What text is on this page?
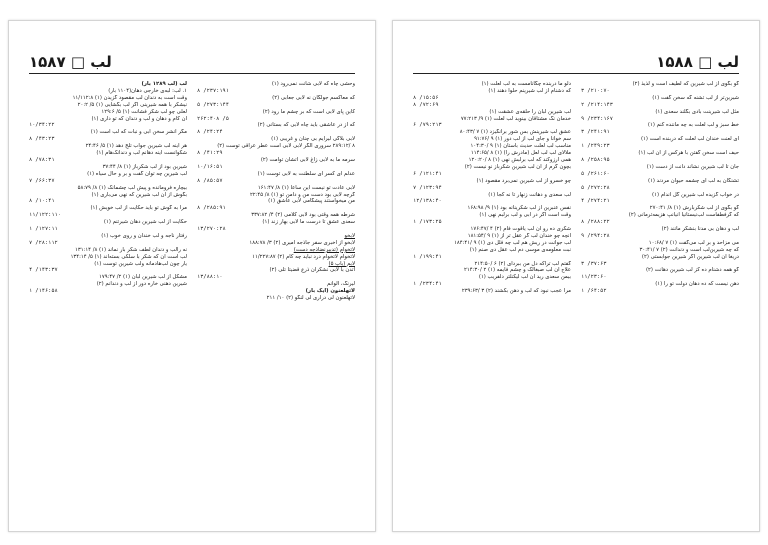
۱۵۸۷ □ لب
وحشی چاه که لابی شأنت نمی‌رود (۱)
۸ /۲۳۷:۱۹۱
که معاکسم جولگان نه لابی جعابی (۲)
۵ /۲۷۳:۱۴۴
کاین پای لابی است که بر چشم ما رود (۲)
۲۶۲:۴۰۸ /۵
که از در عاشقی باید چاه لابی که بستانی (۲)
۸ /۲۴:۲۴
لابی بلاگی لیرایم بی چنان و غریبی (۱)
۸ /۲۸۹:۱۲ سروری الگر لابی لابی است عطر عراقی توست (۲)
۸ /۴۱:۲۹
سرمه ما به لابی زاغ لابی آتشان توامت (۲)
۱۰/۱۶:۵۱
عدلم ای کسر ای سلطنت به لابی توست (۱)
۸ /۸۵:۵۷
لابی عادت تو نیست این ساعا (۱) ۸/ ۱۶۱:۴۷
گرچه لابی بود دست من و دامن تو (۱) ۸/ ۲۲:۴۵
من میخواستند پیشگامی لابی عاشق (۱)
۸ /۲۸۵:۹۱
شرطه همه وقتی بود لابی کلامی (۲) ۴/ ۳۳۷:۸۲
سعدی عشق تا درست ما لابی بهار زند (۱)
۱۳/۲۷۰:۲۸
لابخو
لابخو از اخبری سفر جاذجه امیری (۲) ۳/ ۱۸۸:۷۸
لاتخوام (تدبیرنضاذجه دست)
لاتخوام لاتخوام درد نباید چه کام (۲) ۱۱/۲۲۷:۸۷
لابم (باب ۵)
آتدن با لابی نشکران ذرع قضیتا تلی (۲)
۱۳/۸۸:۱۰
لیرنگ، الوانم
لاتهلعنون (ایک بار)
لاتهلعنون لی دراری لی لنگو (۲) ۱۰/ ۲۱۱
لب (لب ۱۲۸۹ بار)
۱. لب: لبه‌ی خارجی دهان(۱۱۰۴ بار)
وقت است به دندان لب مقصود گزیدن (۱) ۱۱/۱۱۲:۸
نیشکر با همه شیرینی اگر لب بگشایی (۱) ۵/ ۲۰:۲
لعلی چو لب شکر فشانت (۱) ۵/ ۱۲۹:۶
آن کام و دهان و لب و دندان که تو داری (۱)
۱۰/۳۴:۲۲
مگر آنشر سخن آبی و نبات که لب است (۱)
۸ /۴۳:۲۳
هر آینه لب شیرین جواب تلخ دهد (۱) ۵/ ۲۴:۴۶
شکوانست آینه دهانم لب و دندانک‌هام (۱)
۸ /۷۸:۳۱
شیرین بود از لب شکرباز (۱) ۸/ ۳۷:۴۴
لب شیرین چه توان گفت و بر و حال سیاه (۱)
۷ /۶۶:۳۷
بیچاره فرومانده و پیش لب چشمانک (۱) ۸/ ۵۸:۷۹
بگوش از آن لب شیرین که نهی می‌باری (۱)
۸ /۱۰:۴۱
مرا به گوش تو باید حکایت از لب خویش (۱)
۱۱/۱۲۲:۱۱۰
حکایت از لب شیرین دهان شیرتنم (۱)
۱ /۱۲۷:۱۱
رفتار ناجه و لب خندان و روی خوب (۱)
۷ /۲۸:۱۱۲
نه رالب و دندان لطف شکر بار نماند (۱) ۸/ ۱۳۱:۱۴
لب است آن که شکر با سلکی بسته‌اند (۱) ۵/ ۱۳۴:۱۴
یار چون لب‌هاد‌مانه ولب شیرین توست (۱)
۴ /۱۴۳:۳۷
مشکل از لب شیرین لبان (۱) ۲/ ۱۷۹:۴۷
شیرین دهنی خاره دور از لب و دندانم (۲)
۱ /۱۴۶:۵۸
لب □ ۱۵۸۸
گو بگوی از لب شیرین که لطیف است و لذیذ (۲)
۳ /۲۱۰:۷۰
شیرین‌تر از لب تشنه گه سخن گفت (۱)
۲ /۲۱۴:۱۴۳
مثل لب شیرینت بادی بگلند سعدی (۱)
۹ /۲۳۴:۱۶۷
خط سبز و لب لعلت به چه ماننده کنم (۱)
۳ /۲۴۱:۹۱
ای لعنت خندان لب لعلت که دربنده است (۱)
۱ /۲۴۹:۲۳
حیف است سخن گفتن با هرکس از آن لب (۱)
۸ /۲۵۸:۹۵
جان تا لب شیرین نشاند دانت از دست (۱)
۵ /۲۶۱:۶۰
تشنگان به لب ای چشمه حیوان مردند (۱)
۵ /۲۷۲:۲۸
در خواب گزیده لب شیرین گل اندام (۱)
۴ /۲۷۴:۲۱
گو بگوی از لب شکربارش (۱) ۸/ ۲۷۰:۴۱
که گرفطفاست لب‌نیستانیا آنیانپ هزیمه‌ترمانی (۲)
۸ /۲۸۸:۲۲
لب و دهان بی مدنا بنشکر مانند (۲)
۹ /۲۹۴:۲۸
می مزاحد و بر لب می‌گفت (۱) ۷ /۱۰:۶۸
که چه شیرین‌لب است و دندانت (۲) ۷ /۳۰:۴۱
دریغا آن لب شیرین اگر شیرین جوابستی (۲)
۳ /۳۷:۶۳
گو همه دشنام ده کز لب شیرین دهانت (۲)
۱۱/۲۳:۶۰
دهن نیست که ده دهان دولت تو را (۱)
۱ /۶۴:۵۲
دلو ما دربنده چگانامست به لب لعلت (۱)
که دشنام از لب شیرینم حلوا دهند (۱)
۸ /۱۵:۵۶
۸ /۷۲:۶۹
لب شیرین لبان را حلقه‌ی عشقت (۱)
خدمان نگ مشتاقان بینوید لب لعلت (۱) ۹/ ۷۷:۲۱۳
۶ /۷۹:۲۱۳
عشق لب شیرینش بس شور برانگیزد (۱) ۷ /۸۰:۴۳
سم خوانا و جای لب از لب دور (۱) ۹ /۹۱:۷۶
مناسب لب لعلت حدیث باستان (۱) ۹ /۱۰۴:۳۰
ملالای لب لب لعل (مادرش را) (۱) ۸ /۱۱۴:۶۵
همی آرزوکند که لب برلبش نهی (۱) ۸ /۱۲۰:۲۰
بچون گرم از آن لب شیرین شکرباز نو نیست (۲)
۶ /۱۲۱:۴۱
چو خسرو از لب شیرین نمی‌برد مقصود (۱)
۷ /۱۲۳:۹۴
لب سعدی و دهانت زنهار تا نه کجا (۱)
۱۲/۱۳۸:۴۰
نفس عنبرین از لب شکرینانه بود (۱) ۹/ ۱۶۸:۹۸
وقت است اگر در آبی و لب برلبم نهی (۱)
۱ /۱۷۳:۲۵
شکری ده رو آن لب یاقوت فام (۲) ۴ /۱۷۶:۴۷
آنچه چو خندان لب گر عقل تر از (۱) ۹ /۱۸۱:۵۴
لب جوانت در ریش هم لب چه فلل دی (۱) ۹ /۱۸۴:۴۱
نبت معلومه‌ی موسی دم لب عقل دی صنم (۱)
۱ /۱۹۹:۴۱
گفتم لب تراکه دل من ببردای (۲) ۶ /۲۱۴:۵۰
علاج آن لب صبغالک و چشم فایمه (۱) ۲ /۲۱۴:۳۰
بیمن سعدی رید آن لب لیکنلتر دلفریب (۱)
۱ /۲۳۴:۴۱
مرا عجب نبود که لب و دهن بکشند (۲) ۳ /۲۳۹:۶۳
